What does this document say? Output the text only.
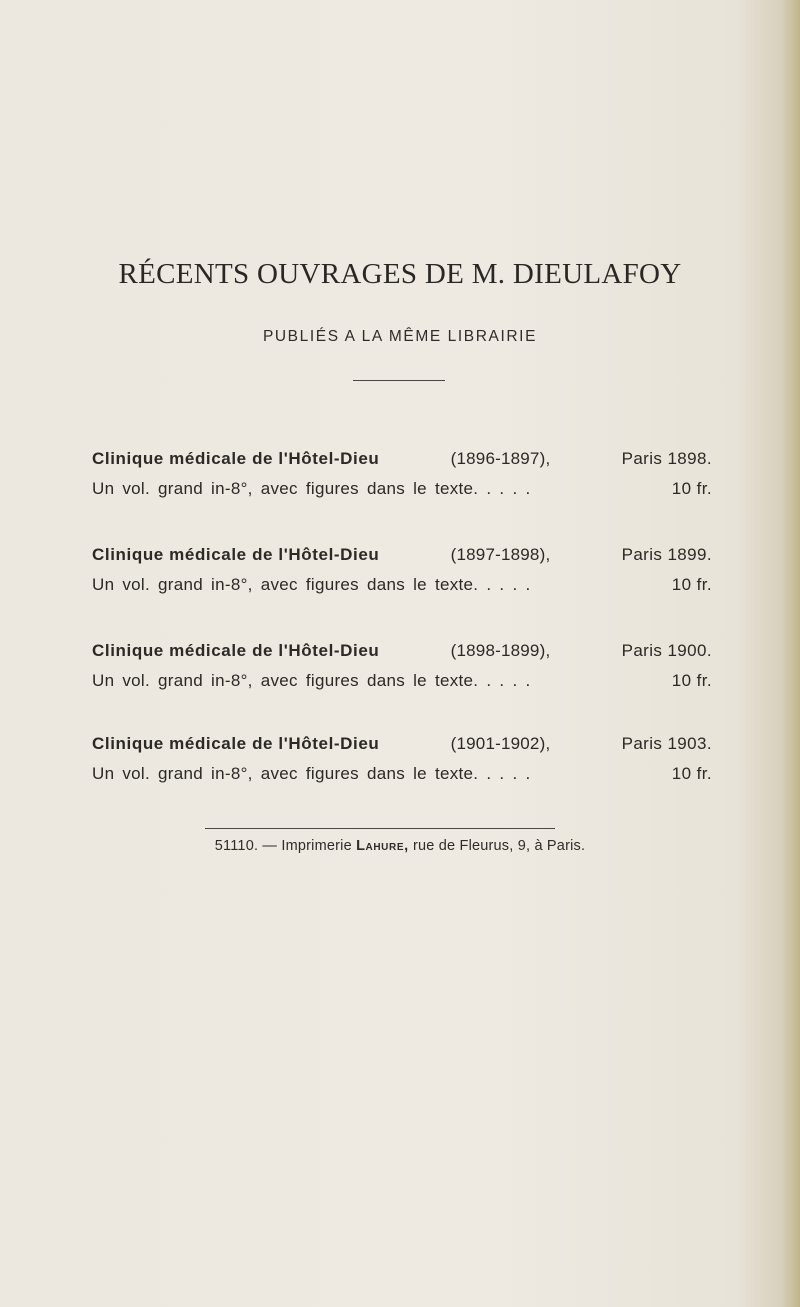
RÉCENTS OUVRAGES DE M. DIEULAFOY
PUBLIÉS A LA MÊME LIBRAIRIE
Clinique médicale de l'Hôtel-Dieu	(1896-1897),	Paris 1898.
Un vol. grand in-8°, avec figures dans le texte. . . . .	10 fr.
Clinique médicale de l'Hôtel-Dieu	(1897-1898),	Paris 1899.
Un vol. grand in-8°, avec figures dans le texte. . . . .	10 fr.
Clinique médicale de l'Hôtel-Dieu	(1898-1899),	Paris 1900.
Un vol. grand in-8°, avec figures dans le texte. . . . .	10 fr.
Clinique médicale de l'Hôtel-Dieu	(1901-1902),	Paris 1903.
Un vol. grand in-8°, avec figures dans le texte. . . . .	10 fr.
51110. — Imprimerie Lahure, rue de Fleurus, 9, à Paris.
